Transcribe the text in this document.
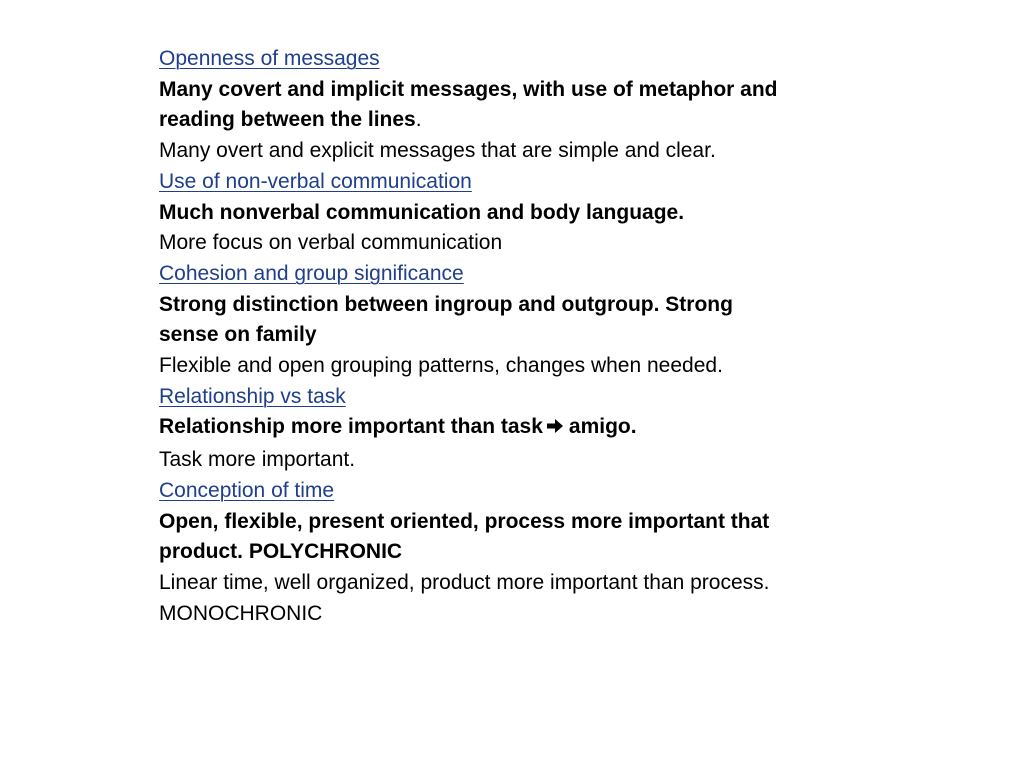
Openness of messages
Many covert and implicit messages, with use of metaphor and reading between the lines.
Many overt and explicit messages that are simple and clear.
Use of non-verbal communication
Much nonverbal communication and body language.
More focus on verbal communication
Cohesion and group significance
Strong distinction between ingroup and outgroup. Strong sense on family
Flexible and open grouping patterns, changes when needed.
Relationship vs task
Relationship more important than task amigo.
Task more important.
Conception of time
Open, flexible, present oriented, process more important that product. POLYCHRONIC
Linear time, well organized, product more important than process. MONOCHRONIC
